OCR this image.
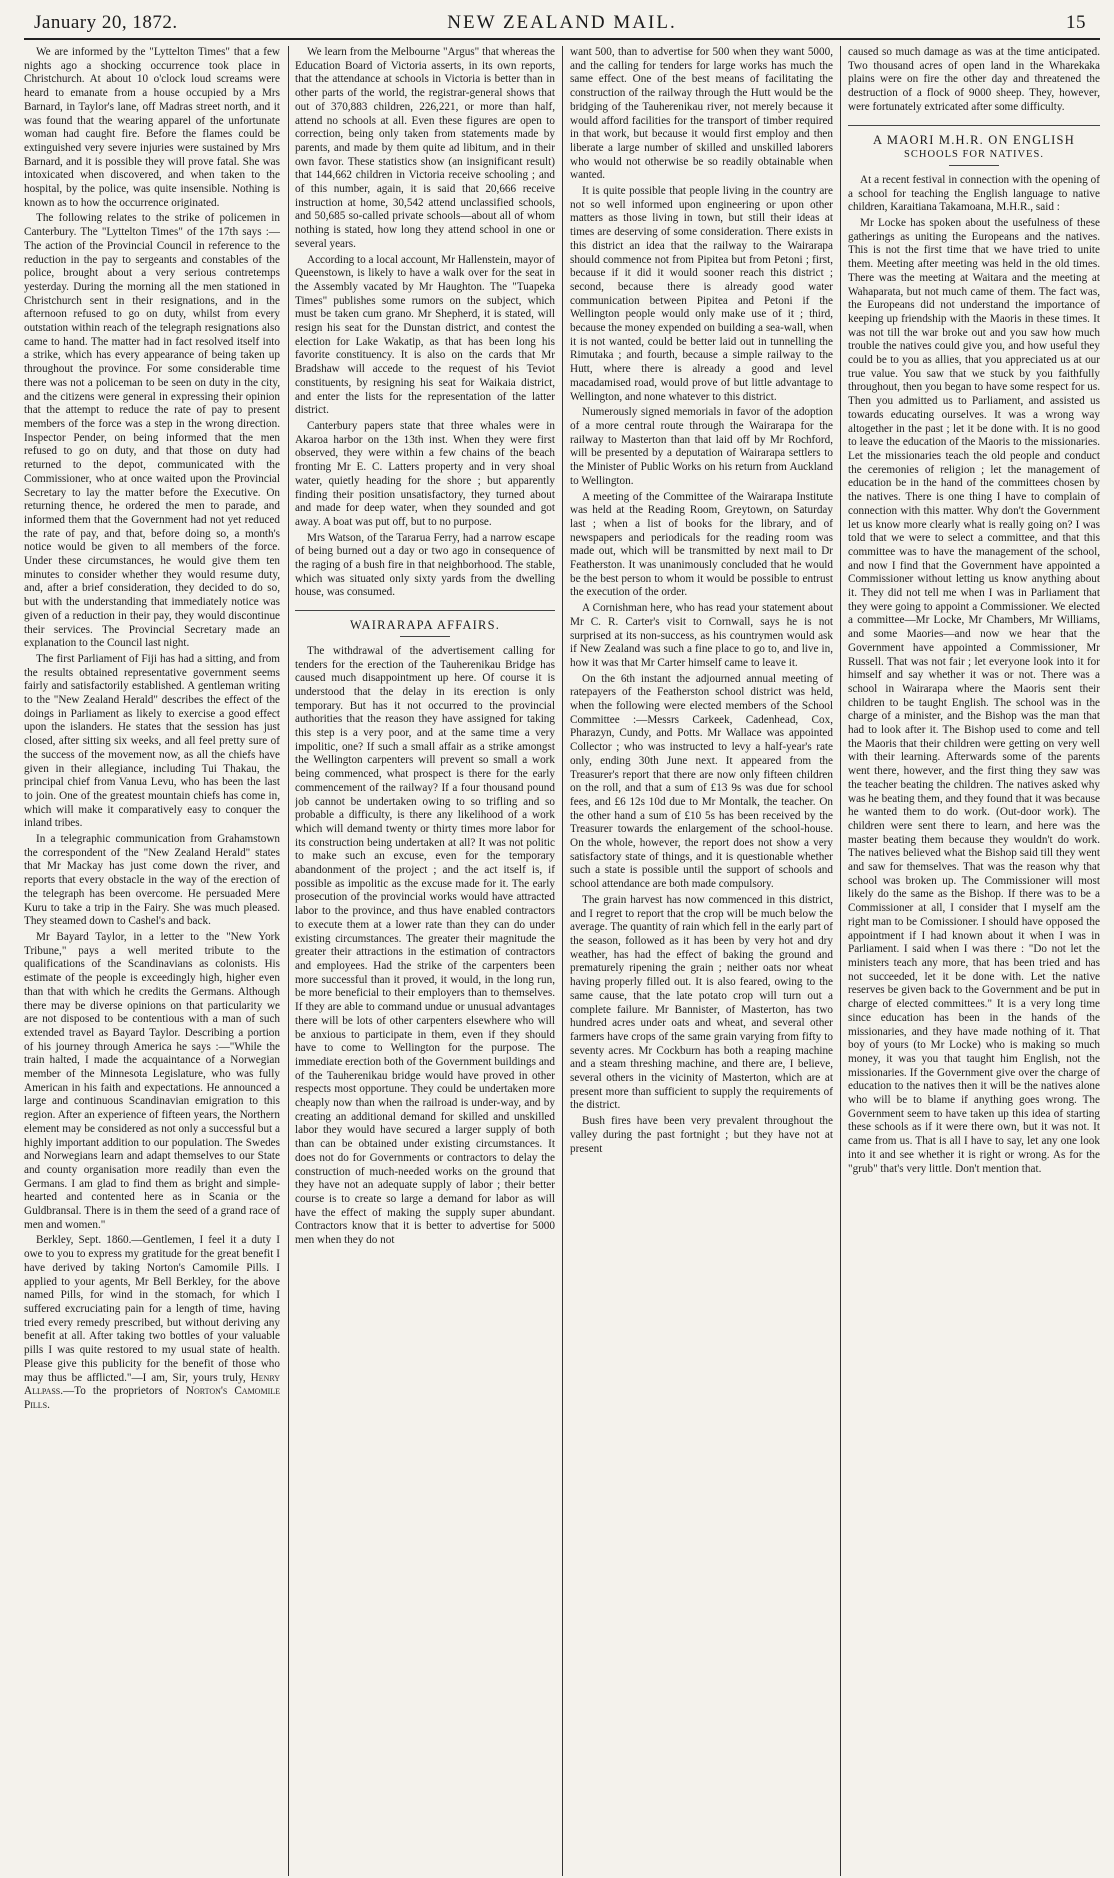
January 20, 1872.	NEW ZEALAND MAIL.	15

We are informed by the "Lyttelton Times" that a few nights ago a shocking occurrence took place in Christchurch. At about 10 o'clock loud screams were heard to emanate from a house occupied by a Mrs Barnard, in Taylor's lane, off Madras street north, and it was found that the wearing apparel of the unfortunate woman had caught fire. Before the flames could be extinguished very severe injuries were sustained by Mrs Barnard, and it is possible they will prove fatal. She was intoxicated when discovered, and when taken to the hospital, by the police, was quite insensible. Nothing is known as to how the occurrence originated.

The following relates to the strike of policemen in Canterbury. The "Lyttelton Times" of the 17th says :—The action of the Provincial Council in reference to the reduction in the pay to sergeants and constables of the police, brought about a very serious contretemps yesterday. During the morning all the men stationed in Christchurch sent in their resignations, and in the afternoon refused to go on duty, whilst from every outstation within reach of the telegraph resignations also came to hand. The matter had in fact resolved itself into a strike, which has every appearance of being taken up throughout the province. For some considerable time there was not a policeman to be seen on duty in the city, and the citizens were general in expressing their opinion that the attempt to reduce the rate of pay to present members of the force was a step in the wrong direction. Inspector Pender, on being informed that the men refused to go on duty, and that those on duty had returned to the depot, communicated with the Commissioner, who at once waited upon the Provincial Secretary to lay the matter before the Executive. On returning thence, he ordered the men to parade, and informed them that the Government had not yet reduced the rate of pay, and that, before doing so, a month's notice would be given to all members of the force. Under these circumstances, he would give them ten minutes to consider whether they would resume duty, and, after a brief consideration, they decided to do so, but with the understanding that immediately notice was given of a reduction in their pay, they would discontinue their services. The Provincial Secretary made an explanation to the Council last night.

The first Parliament of Fiji has had a sitting, and from the results obtained representative government seems fairly and satisfactorily established. A gentleman writing to the "New Zealand Herald" describes the effect of the doings in Parliament as likely to exercise a good effect upon the islanders. He states that the session has just closed, after sitting six weeks, and all feel pretty sure of the success of the movement now, as all the chiefs have given in their allegiance, including Tui Thakau, the principal chief from Vanua Levu, who has been the last to join. One of the greatest mountain chiefs has come in, which will make it comparatively easy to conquer the inland tribes.

In a telegraphic communication from Grahamstown the correspondent of the "New Zealand Herald" states that Mr Mackay has just come down the river, and reports that every obstacle in the way of the erection of the telegraph has been overcome. He persuaded Mere Kuru to take a trip in the Fairy. She was much pleased. They steamed down to Cashel's and back.

Mr Bayard Taylor, in a letter to the "New York Tribune," pays a well merited tribute to the qualifications of the Scandinavians as colonists. His estimate of the people is exceedingly high, higher even than that with which he credits the Germans. Although there may be diverse opinions on that particularity we are not disposed to be contentious with a man of such extended travel as Bayard Taylor. Describing a portion of his journey through America he says :—"While the train halted, I made the acquaintance of a Norwegian member of the Minnesota Legislature, who was fully American in his faith and expectations. He announced a large and continuous Scandinavian emigration to this region. After an experience of fifteen years, the Northern element may be considered as not only a successful but a highly important addition to our population. The Swedes and Norwegians learn and adapt themselves to our State and county organisation more readily than even the Germans. I am glad to find them as bright and simple-hearted and contented here as in Scania or the Guldbransal. There is in them the seed of a grand race of men and women."

Berkley, Sept. 1860.—Gentlemen, I feel it a duty I owe to you to express my gratitude for the great benefit I have derived by taking Norton's Camomile Pills. I applied to your agents, Mr Bell Berkley, for the above named Pills, for wind in the stomach, for which I suffered excruciating pain for a length of time, having tried every remedy prescribed, but without deriving any benefit at all. After taking two bottles of your valuable pills I was quite restored to my usual state of health. Please give this publicity for the benefit of those who may thus be afflicted."—I am, Sir, yours truly, Henry Allpass.—To the proprietors of Norton's Camomile Pills.

We learn from the Melbourne "Argus" that whereas the Education Board of Victoria asserts, in its own reports, that the attendance at schools in Victoria is better than in other parts of the world, the registrar-general shows that out of 370,883 children, 226,221, or more than half, attend no schools at all. Even these figures are open to correction, being only taken from statements made by parents, and made by them quite ad libitum, and in their own favor. These statistics show (an insignificant result) that 144,662 children in Victoria receive schooling ; and of this number, again, it is said that 20,666 receive instruction at home, 30,542 attend unclassified schools, and 50,685 so-called private schools—about all of whom nothing is stated, how long they attend school in one or several years.

According to a local account, Mr Hallenstein, mayor of Queenstown, is likely to have a walk over for the seat in the Assembly vacated by Mr Haughton. The "Tuapeka Times" publishes some rumors on the subject, which must be taken cum grano. Mr Shepherd, it is stated, will resign his seat for the Dunstan district, and contest the election for Lake Wakatip, as that has been long his favorite constituency. It is also on the cards that Mr Bradshaw will accede to the request of his Teviot constituents, by resigning his seat for Waikaia district, and enter the lists for the representation of the latter district.

Canterbury papers state that three whales were in Akaroa harbor on the 13th inst. When they were first observed, they were within a few chains of the beach fronting Mr E. C. Latters property and in very shoal water, quietly heading for the shore ; but apparently finding their position unsatisfactory, they turned about and made for deep water, when they sounded and got away. A boat was put off, but to no purpose.

Mrs Watson, of the Tararua Ferry, had a narrow escape of being burned out a day or two ago in consequence of the raging of a bush fire in that neighborhood. The stable, which was situated only sixty yards from the dwelling house, was consumed.

WAIRARAPA AFFAIRS.

The withdrawal of the advertisement calling for tenders for the erection of the Tauherenikau Bridge has caused much disappointment up here. Of course it is understood that the delay in its erection is only temporary. But has it not occurred to the provincial authorities that the reason they have assigned for taking this step is a very poor, and at the same time a very impolitic, one? If such a small affair as a strike amongst the Wellington carpenters will prevent so small a work being commenced, what prospect is there for the early commencement of the railway? If a four thousand pound job cannot be undertaken owing to so trifling and so probable a difficulty, is there any likelihood of a work which will demand twenty or thirty times more labor for its construction being undertaken at all? It was not politic to make such an excuse, even for the temporary abandonment of the project ; and the act itself is, if possible as impolitic as the excuse made for it. The early prosecution of the provincial works would have attracted labor to the province, and thus have enabled contractors to execute them at a lower rate than they can do under existing circumstances. The greater their magnitude the greater their attractions in the estimation of contractors and employees. Had the strike of the carpenters been more successful than it proved, it would, in the long run, be more beneficial to their employers than to themselves. If they are able to command undue or unusual advantages there will be lots of other carpenters elsewhere who will be anxious to participate in them, even if they should have to come to Wellington for the purpose. The immediate erection both of the Government buildings and of the Tauherenikau bridge would have proved in other respects most opportune. They could be undertaken more cheaply now than when the railroad is under-way, and by creating an additional demand for skilled and unskilled labor they would have secured a larger supply of both than can be obtained under existing circumstances. It does not do for Governments or contractors to delay the construction of much-needed works on the ground that they have not an adequate supply of labor ; their better course is to create so large a demand for labor as will have the effect of making the supply super abundant. Contractors know that it is better to advertise for 5000 men when they do not

want 500, than to advertise for 500 when they want 5000, and the calling for tenders for large works has much the same effect. One of the best means of facilitating the construction of the railway through the Hutt would be the bridging of the Tauherenikau river, not merely because it would afford facilities for the transport of timber required in that work, but because it would first employ and then liberate a large number of skilled and unskilled laborers who would not otherwise be so readily obtainable when wanted.

It is quite possible that people living in the country are not so well informed upon engineering or upon other matters as those living in town, but still their ideas at times are deserving of some consideration. There exists in this district an idea that the railway to the Wairarapa should commence not from Pipitea but from Petoni ; first, because if it did it would sooner reach this district ; second, because there is already good water communication between Pipitea and Petoni if the Wellington people would only make use of it ; third, because the money expended on building a sea-wall, when it is not wanted, could be better laid out in tunnelling the Rimutaka ; and fourth, because a simple railway to the Hutt, where there is already a good and level macadamised road, would prove of but little advantage to Wellington, and none whatever to this district.

Numerously signed memorials in favor of the adoption of a more central route through the Wairarapa for the railway to Masterton than that laid off by Mr Rochford, will be presented by a deputation of Wairarapa settlers to the Minister of Public Works on his return from Auckland to Wellington.

A meeting of the Committee of the Wairarapa Institute was held at the Reading Room, Greytown, on Saturday last ; when a list of books for the library, and of newspapers and periodicals for the reading room was made out, which will be transmitted by next mail to Dr Featherston. It was unanimously concluded that he would be the best person to whom it would be possible to entrust the execution of the order.

A Cornishman here, who has read your statement about Mr C. R. Carter's visit to Cornwall, says he is not surprised at its non-success, as his countrymen would ask if New Zealand was such a fine place to go to, and live in, how it was that Mr Carter himself came to leave it.

On the 6th instant the adjourned annual meeting of ratepayers of the Featherston school district was held, when the following were elected members of the School Committee :—Messrs Carkeek, Cadenhead, Cox, Pharazyn, Cundy, and Potts. Mr Wallace was appointed Collector ; who was instructed to levy a half-year's rate only, ending 30th June next. It appeared from the Treasurer's report that there are now only fifteen children on the roll, and that a sum of £13 9s was due for school fees, and £6 12s 10d due to Mr Montalk, the teacher. On the other hand a sum of £10 5s has been received by the Treasurer towards the enlargement of the school-house. On the whole, however, the report does not show a very satisfactory state of things, and it is questionable whether such a state is possible until the support of schools and school attendance are both made compulsory.

The grain harvest has now commenced in this district, and I regret to report that the crop will be much below the average. The quantity of rain which fell in the early part of the season, followed as it has been by very hot and dry weather, has had the effect of baking the ground and prematurely ripening the grain ; neither oats nor wheat having properly filled out. It is also feared, owing to the same cause, that the late potato crop will turn out a complete failure. Mr Bannister, of Masterton, has two hundred acres under oats and wheat, and several other farmers have crops of the same grain varying from fifty to seventy acres. Mr Cockburn has both a reaping machine and a steam threshing machine, and there are, I believe, several others in the vicinity of Masterton, which are at present more than sufficient to supply the requirements of the district.

Bush fires have been very prevalent throughout the valley during the past fortnight ; but they have not at present

caused so much damage as was at the time anticipated. Two thousand acres of open land in the Wharekaka plains were on fire the other day and threatened the destruction of a flock of 9000 sheep. They, however, were fortunately extricated after some difficulty.

A MAORI M.H.R. ON ENGLISH
SCHOOLS FOR NATIVES.

At a recent festival in connection with the opening of a school for teaching the English language to native children, Karaitiana Takamoana, M.H.R., said :

Mr Locke has spoken about the usefulness of these gatherings as uniting the Europeans and the natives. This is not the first time that we have tried to unite them. Meeting after meeting was held in the old times. There was the meeting at Waitara and the meeting at Wahaparata, but not much came of them. The fact was, the Europeans did not understand the importance of keeping up friendship with the Maoris in these times. It was not till the war broke out and you saw how much trouble the natives could give you, and how useful they could be to you as allies, that you appreciated us at our true value. You saw that we stuck by you faithfully throughout, then you began to have some respect for us. Then you admitted us to Parliament, and assisted us towards educating ourselves. It was a wrong way altogether in the past ; let it be done with. It is no good to leave the education of the Maoris to the missionaries. Let the missionaries teach the old people and conduct the ceremonies of religion ; let the management of education be in the hand of the committees chosen by the natives. There is one thing I have to complain of connection with this matter. Why don't the Government let us know more clearly what is really going on? I was told that we were to select a committee, and that this committee was to have the management of the school, and now I find that the Government have appointed a Commissioner without letting us know anything about it. They did not tell me when I was in Parliament that they were going to appoint a Commissioner. We elected a committee—Mr Locke, Mr Chambers, Mr Williams, and some Maories—and now we hear that the Government have appointed a Commissioner, Mr Russell. That was not fair ; let everyone look into it for himself and say whether it was or not. There was a school in Wairarapa where the Maoris sent their children to be taught English. The school was in the charge of a minister, and the Bishop was the man that had to look after it. The Bishop used to come and tell the Maoris that their children were getting on very well with their learning. Afterwards some of the parents went there, however, and the first thing they saw was the teacher beating the children. The natives asked why was he beating them, and they found that it was because he wanted them to do work. (Out-door work). The children were sent there to learn, and here was the master beating them because they wouldn't do work. The natives believed what the Bishop said till they went and saw for themselves. That was the reason why that school was broken up. The Commissioner will most likely do the same as the Bishop. If there was to be a Commissioner at all, I consider that I myself am the right man to be Comissioner. I should have opposed the appointment if I had known about it when I was in Parliament. I said when I was there : "Do not let the ministers teach any more, that has been tried and has not succeeded, let it be done with. Let the native reserves be given back to the Government and be put in charge of elected committees." It is a very long time since education has been in the hands of the missionaries, and they have made nothing of it. That boy of yours (to Mr Locke) who is making so much money, it was you that taught him English, not the missionaries. If the Government give over the charge of education to the natives then it will be the natives alone who will be to blame if anything goes wrong. The Government seem to have taken up this idea of starting these schools as if it were there own, but it was not. It came from us. That is all I have to say, let any one look into it and see whether it is right or wrong. As for the "grub" that's very little. Don't mention that.
